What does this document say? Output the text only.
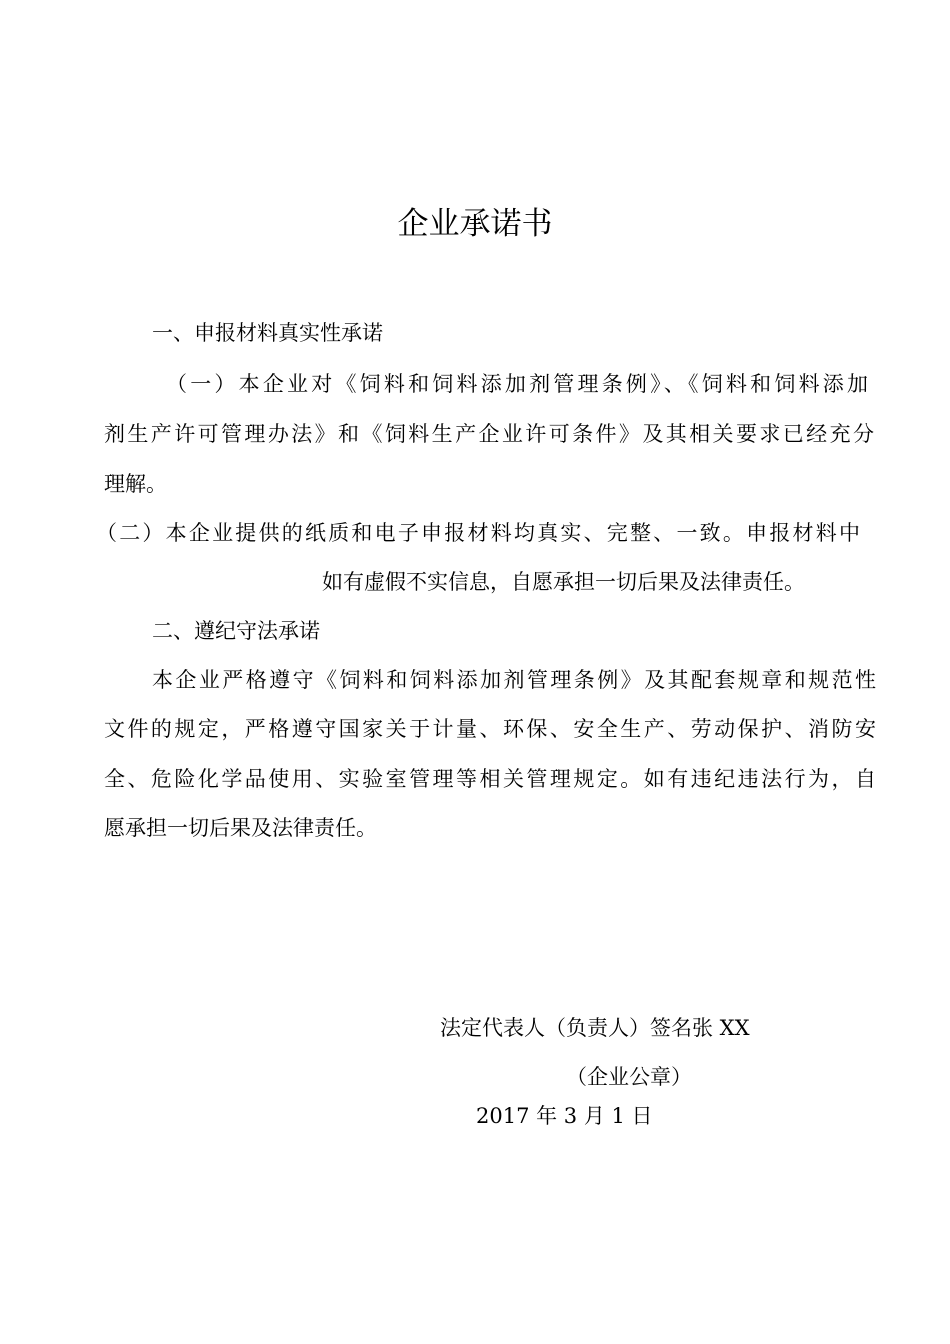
企业承诺书
一、申报材料真实性承诺
（一）本企业对《饲料和饲料添加剂管理条例》、《饲料和饲料添加
剂生产许可管理办法》和《饲料生产企业许可条件》及其相关要求已经充分
理解。
（二）本企业提供的纸质和电子申报材料均真实、完整、一致。申报材料中
如有虚假不实信息，自愿承担一切后果及法律责任。
二、遵纪守法承诺
本企业严格遵守《饲料和饲料添加剂管理条例》及其配套规章和规范性
文件的规定，严格遵守国家关于计量、环保、安全生产、劳动保护、消防安
全、危险化学品使用、实验室管理等相关管理规定。如有违纪违法行为，自
愿承担一切后果及法律责任。
法定代表人（负责人）签名张 XX
（企业公章）
2017 年 3 月 1 日
